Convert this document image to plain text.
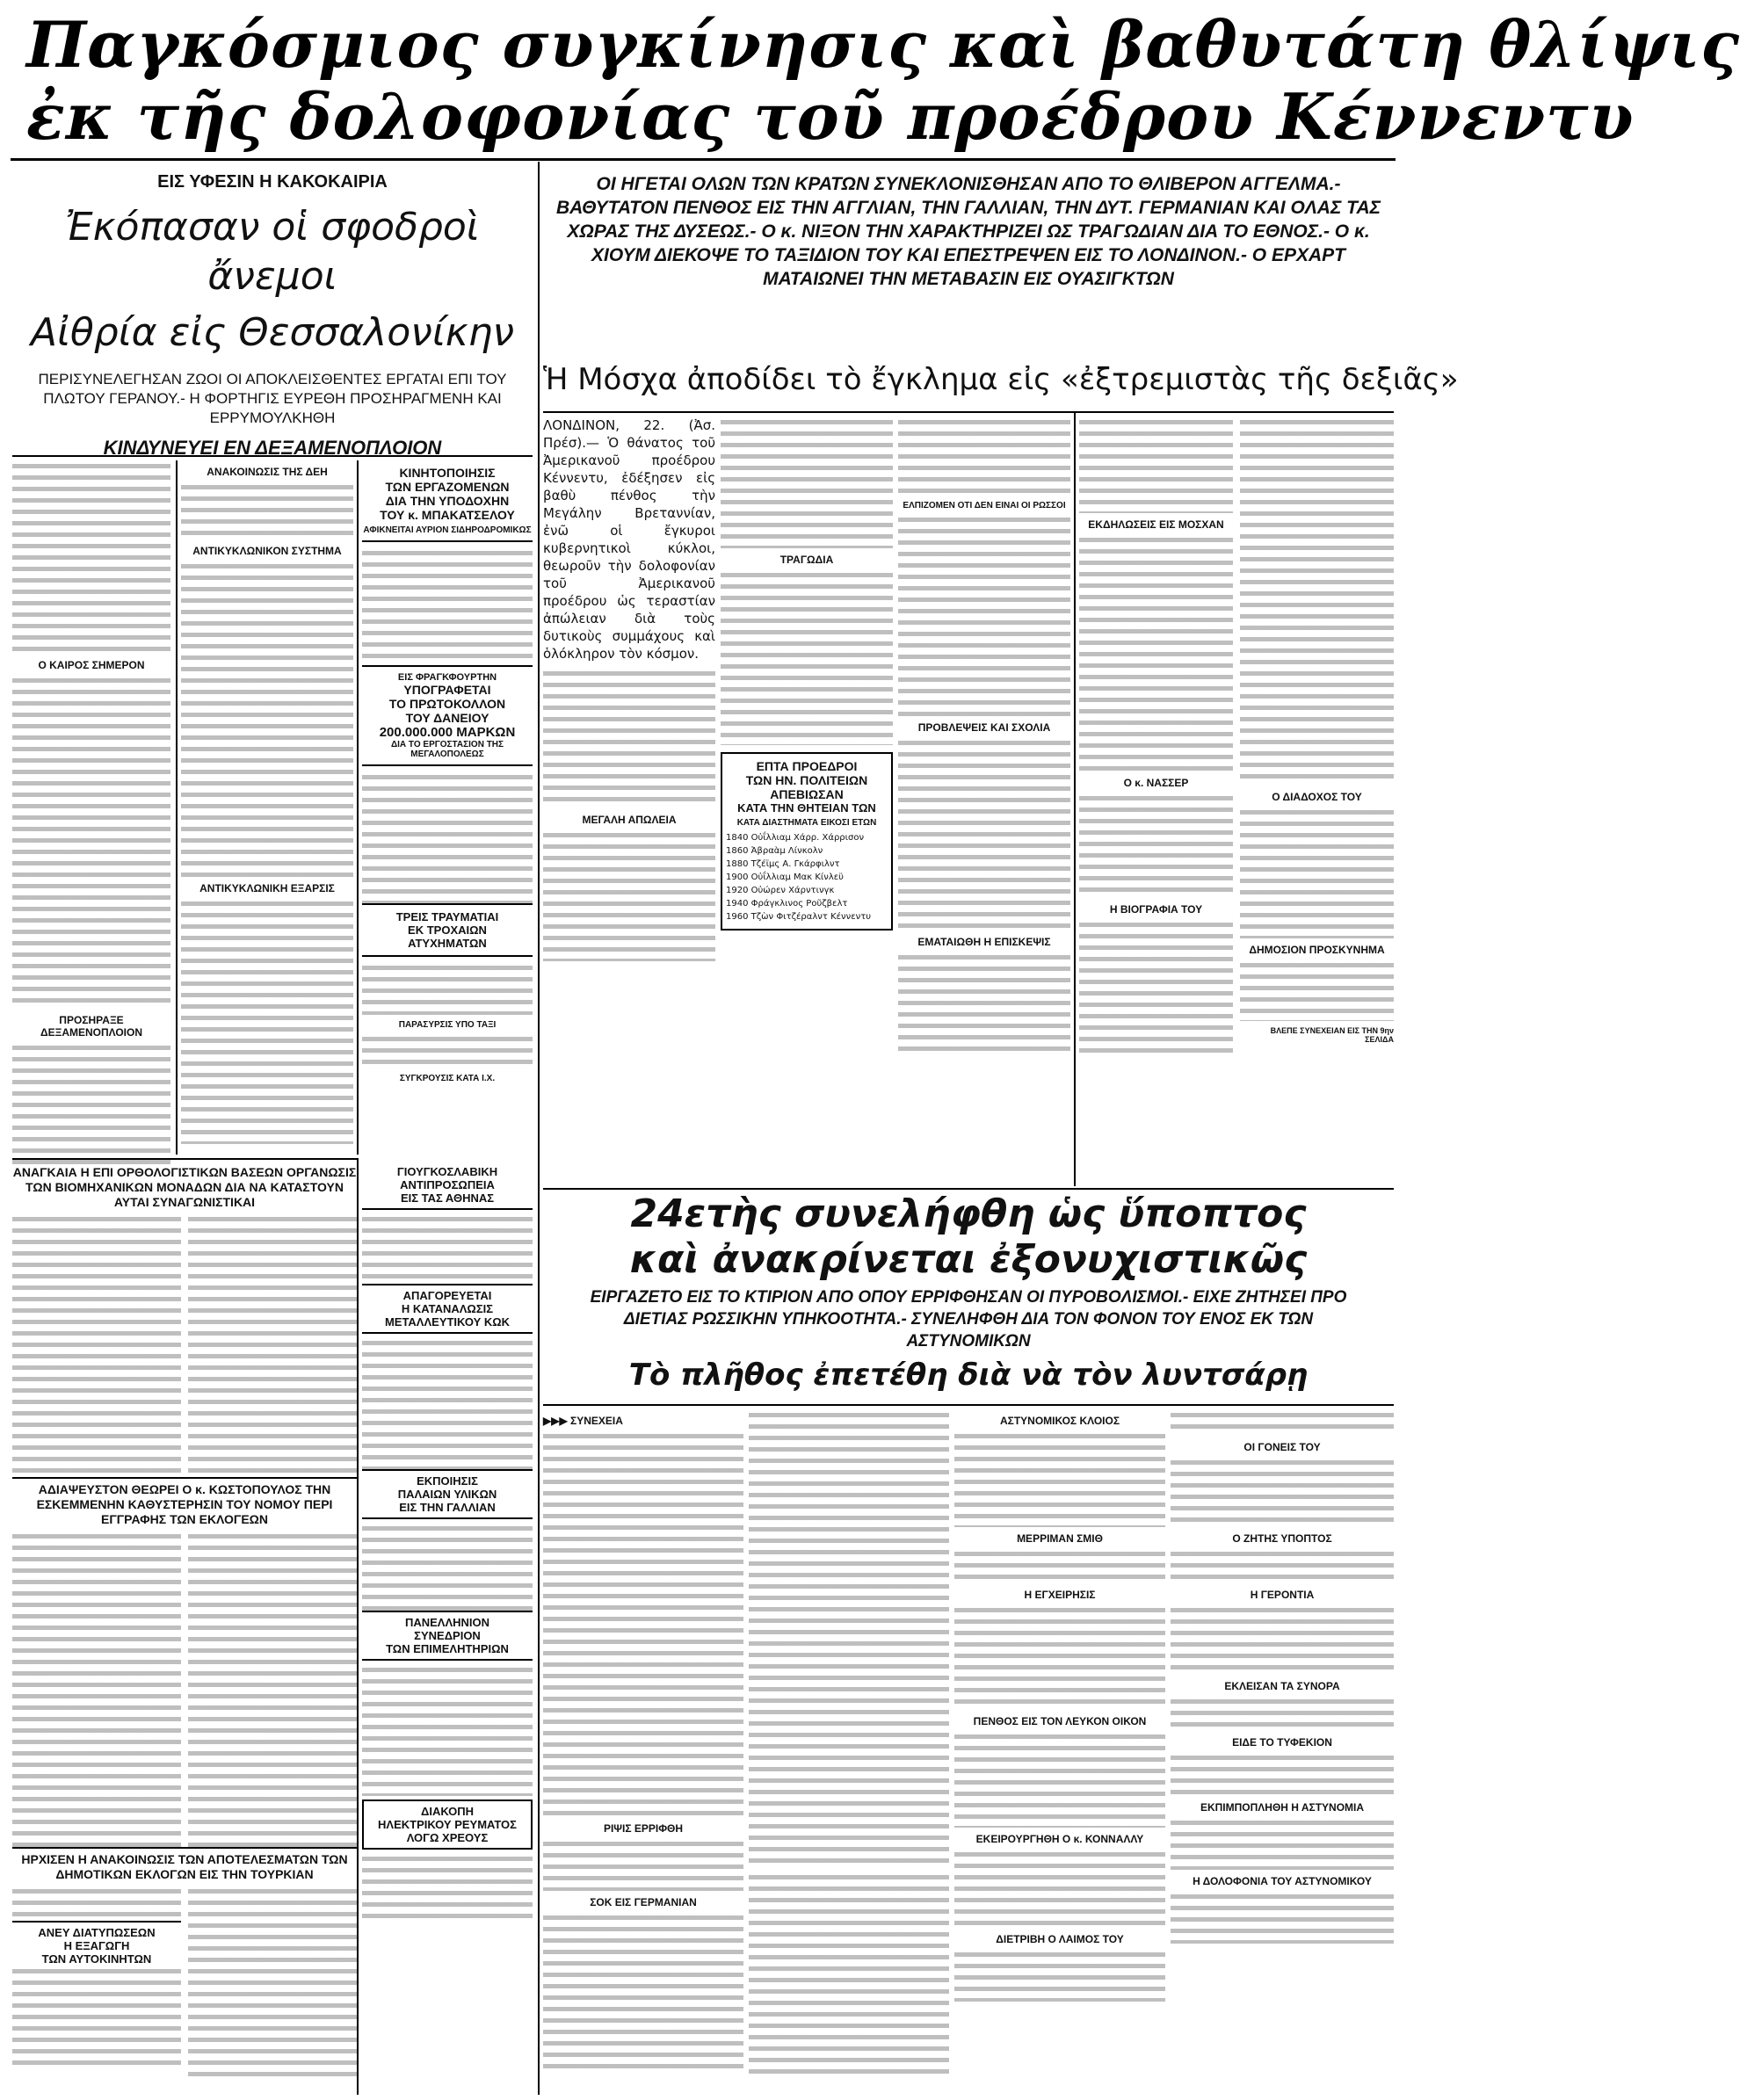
Παγκόσμιος συγκίνησις καὶ βαθυτάτη θλίψις
ἐκ τῆς δολοφονίας τοῦ προέδρου Κέννεντυ
ΕΙΣ ΥΦΕΣΙΝ Η ΚΑΚΟΚΑΙΡΙΑ
Ἐκόπασαν οἱ σφοδροὶ ἄνεμοι
Αἰθρία εἰς Θεσσαλονίκην
ΠΕΡΙΣΥΝΕΛΕΓΗΣΑΝ ΖΩΟΙ ΟΙ ΑΠΟΚΛΕΙΣΘΕΝΤΕΣ ΕΡΓΑΤΑΙ ΕΠΙ ΤΟΥ ΠΛΩΤΟΥ ΓΕΡΑΝΟΥ.- Η ΦΟΡΤΗΓΙΣ ΕΥΡΕΘΗ ΠΡΟΣΗΡΑΓΜΕΝΗ ΚΑΙ ΕΡΡΥΜΟΥΛΚΗΘΗ
ΚΙΝΔΥΝΕΥΕΙ ΕΝ ΔΕΞΑΜΕΝΟΠΛΟΙΟΝ
Ο ΚΑΙΡΟΣ ΣΗΜΕΡΟΝ
ΠΡΟΣΗΡΑΞΕ ΔΕΞΑΜΕΝΟΠΛΟΙΟΝ
ΑΝΑΚΟΙΝΩΣΙΣ ΤΗΣ ΔΕΗ
ΑΝΤΙΚΥΚΛΩΝΙΚΟΝ ΣΥΣΤΗΜΑ
ΑΝΤΙΚΥΚΛΩΝΙΚΗ ΕΞΑΡΣΙΣ
ΚΙΝΗΤΟΠΟΙΗΣΙΣ
ΤΩΝ ΕΡΓΑΖΟΜΕΝΩΝ
ΔΙΑ ΤΗΝ ΥΠΟΔΟΧΗΝ
ΤΟΥ κ. ΜΠΑΚΑΤΣΕΛΟΥ
ΑΦΙΚΝΕΙΤΑΙ ΑΥΡΙΟΝ ΣΙΔΗΡΟΔΡΟΜΙΚΩΣ
ΕΙΣ ΦΡΑΓΚΦΟΥΡΤΗΝ
ΥΠΟΓΡΑΦΕΤΑΙ
ΤΟ ΠΡΩΤΟΚΟΛΛΟΝ
ΤΟΥ ΔΑΝΕΙΟΥ
200.000.000 ΜΑΡΚΩΝ
ΔΙΑ ΤΟ ΕΡΓΟΣΤΑΣΙΟΝ ΤΗΣ ΜΕΓΑΛΟΠΟΛΕΩΣ
ΤΡΕΙΣ ΤΡΑΥΜΑΤΙΑΙ
ΕΚ ΤΡΟΧΑΙΩΝ
ΑΤΥΧΗΜΑΤΩΝ
ΠΑΡΑΣΥΡΣΙΣ ΥΠΟ ΤΑΞΙ
ΣΥΓΚΡΟΥΣΙΣ ΚΑΤΑ Ι.Χ.
ΑΝΑΓΚΑΙΑ Η ΕΠΙ ΟΡΘΟΛΟΓΙΣΤΙΚΩΝ ΒΑΣΕΩΝ ΟΡΓΑΝΩΣΙΣ ΤΩΝ ΒΙΟΜΗΧΑΝΙΚΩΝ ΜΟΝΑΔΩΝ ΔΙΑ ΝΑ ΚΑΤΑΣΤΟΥΝ ΑΥΤΑΙ ΣΥΝΑΓΩΝΙΣΤΙΚΑΙ
ΑΔΙΑΨΕΥΣΤΟΝ ΘΕΩΡΕΙ Ο κ. ΚΩΣΤΟΠΟΥΛΟΣ ΤΗΝ ΕΣΚΕΜΜΕΝΗΝ ΚΑΘΥΣΤΕΡΗΣΙΝ ΤΟΥ ΝΟΜΟΥ ΠΕΡΙ ΕΓΓΡΑΦΗΣ ΤΩΝ ΕΚΛΟΓΕΩΝ
ΗΡΧΙΣΕΝ Η ΑΝΑΚΟΙΝΩΣΙΣ ΤΩΝ ΑΠΟΤΕΛΕΣΜΑΤΩΝ ΤΩΝ ΔΗΜΟΤΙΚΩΝ ΕΚΛΟΓΩΝ ΕΙΣ ΤΗΝ ΤΟΥΡΚΙΑΝ
ΑΝΕΥ ΔΙΑΤΥΠΩΣΕΩΝ
Η ΕΞΑΓΩΓΗ
ΤΩΝ ΑΥΤΟΚΙΝΗΤΩΝ
ΓΙΟΥΓΚΟΣΛΑΒΙΚΗ
ΑΝΤΙΠΡΟΣΩΠΕΙΑ
ΕΙΣ ΤΑΣ ΑΘΗΝΑΣ
ΑΠΑΓΟΡΕΥΕΤΑΙ
Η ΚΑΤΑΝΑΛΩΣΙΣ
ΜΕΤΑΛΛΕΥΤΙΚΟΥ ΚΩΚ
ΕΚΠΟΙΗΣΙΣ
ΠΑΛΑΙΩΝ ΥΛΙΚΩΝ
ΕΙΣ ΤΗΝ ΓΑΛΛΙΑΝ
ΠΑΝΕΛΛΗΝΙΟΝ
ΣΥΝΕΔΡΙΟΝ
ΤΩΝ ΕΠΙΜΕΛΗΤΗΡΙΩΝ
ΔΙΑΚΟΠΗ
ΗΛΕΚΤΡΙΚΟΥ ΡΕΥΜΑΤΟΣ
ΛΟΓΩ ΧΡΕΟΥΣ
ΟΙ ΗΓΕΤΑΙ ΟΛΩΝ ΤΩΝ ΚΡΑΤΩΝ ΣΥΝΕΚΛΟΝΙΣΘΗΣΑΝ ΑΠΟ ΤΟ ΘΛΙΒΕΡΟΝ ΑΓΓΕΛΜΑ.- ΒΑΘΥΤΑΤΟΝ ΠΕΝΘΟΣ ΕΙΣ ΤΗΝ ΑΓΓΛΙΑΝ, ΤΗΝ ΓΑΛΛΙΑΝ, ΤΗΝ ΔΥΤ. ΓΕΡΜΑΝΙΑΝ ΚΑΙ ΟΛΑΣ ΤΑΣ ΧΩΡΑΣ ΤΗΣ ΔΥΣΕΩΣ.- Ο κ. ΝΙΞΟΝ ΤΗΝ ΧΑΡΑΚΤΗΡΙΖΕΙ ΩΣ ΤΡΑΓΩΔΙΑΝ ΔΙΑ ΤΟ ΕΘΝΟΣ.- Ο κ. ΧΙΟΥΜ ΔΙΕΚΟΨΕ ΤΟ ΤΑΞΙΔΙΟΝ ΤΟΥ ΚΑΙ ΕΠΕΣΤΡΕΨΕΝ ΕΙΣ ΤΟ ΛΟΝΔΙΝΟΝ.- Ο ΕΡΧΑΡΤ ΜΑΤΑΙΩΝΕΙ ΤΗΝ ΜΕΤΑΒΑΣΙΝ ΕΙΣ ΟΥΑΣΙΓΚΤΩΝ
Ἡ Μόσχα ἀποδίδει τὸ ἔγκλημα εἰς «ἐξτρεμιστὰς τῆς δεξιᾶς»
ΛΟΝΔΙΝΟΝ, 22. (Ἀσ. Πρέσ).— Ὁ θάνατος τοῦ Ἀμερικανοῦ προέδρου Κέννεντυ, ἐδέξησεν εἰς βαθὺ πένθος τὴν Μεγάλην Βρεταννίαν, ἐνῶ οἱ ἔγκυροι κυβερνητικοὶ κύκλοι, θεωροῦν τὴν δολοφονίαν τοῦ Ἀμερικανοῦ προέδρου ὡς τεραστίαν ἀπώλειαν διὰ τοὺς δυτικοὺς συμμάχους καὶ ὁλόκληρον τὸν κόσμον.
ΜΕΓΑΛΗ ΑΠΩΛΕΙΑ
ΤΡΑΓΩΔΙΑ
ΕΠΤΑ ΠΡΟΕΔΡΟΙ
ΤΩΝ ΗΝ. ΠΟΛΙΤΕΙΩΝ
ΑΠΕΒΙΩΣΑΝ
ΚΑΤΑ ΤΗΝ ΘΗΤΕΙΑΝ ΤΩΝ
ΚΑΤΑ ΔΙΑΣΤΗΜΑΤΑ ΕΙΚΟΣΙ ΕΤΩΝ
1840 Οὐΐλλιαμ Χάρρ. Χάρρισον
1860 Ἀβραὰμ Λίνκολν
1880 Τζέϊμς Α. Γκάρφιλντ
1900 Οὐΐλλιαμ Μακ Κίνλεϋ
1920 Οὐώρεν Χάρντινγκ
1940 Φράγκλινος Ροῦζβελτ
1960 Τζὼν Φιτζέραλντ Κέννεντυ
ΕΛΠΙΖΟΜΕΝ ΟΤΙ ΔΕΝ ΕΙΝΑΙ ΟΙ ΡΩΣΣΟΙ
ΠΡΟΒΛΕΨΕΙΣ ΚΑΙ ΣΧΟΛΙΑ
ΕΜΑΤΑΙΩΘΗ Η ΕΠΙΣΚΕΨΙΣ
ΕΚΔΗΛΩΣΕΙΣ ΕΙΣ ΜΟΣΧΑΝ
Ο κ. ΝΑΣΣΕΡ
Η ΒΙΟΓΡΑΦΙΑ ΤΟΥ
Ο ΔΙΑΔΟΧΟΣ ΤΟΥ
ΔΗΜΟΣΙΟΝ ΠΡΟΣΚΥΝΗΜΑ
ΒΛΕΠΕ ΣΥΝΕΧΕΙΑΝ ΕΙΣ ΤΗΝ 9ην ΣΕΛΙΔΑ
24ετὴς συνελήφθη ὡς ὕποπτος
καὶ ἀνακρίνεται ἐξονυχιστικῶς
ΕΙΡΓΑΖΕΤΟ ΕΙΣ ΤΟ ΚΤΙΡΙΟΝ ΑΠΟ ΟΠΟΥ ΕΡΡΙΦΘΗΣΑΝ ΟΙ ΠΥΡΟΒΟΛΙΣΜΟΙ.- ΕΙΧΕ ΖΗΤΗΣΕΙ ΠΡΟ ΔΙΕΤΙΑΣ ΡΩΣΣΙΚΗΝ ΥΠΗΚΟΟΤΗΤΑ.- ΣΥΝΕΛΗΦΘΗ ΔΙΑ ΤΟΝ ΦΟΝΟΝ ΤΟΥ ΕΝΟΣ ΕΚ ΤΩΝ ΑΣΤΥΝΟΜΙΚΩΝ
Τὸ πλῆθος ἐπετέθη διὰ νὰ τὸν λυντσάρῃ
▶▶▶ ΣΥΝΕΧΕΙΑ
ΡΙΨΙΣ ΕΡΡΙΦΘΗ
ΣΟΚ ΕΙΣ ΓΕΡΜΑΝΙΑΝ
ΑΣΤΥΝΟΜΙΚΟΣ ΚΛΟΙΟΣ
ΜΕΡΡΙΜΑΝ ΣΜΙΘ
Η ΕΓΧΕΙΡΗΣΙΣ
ΠΕΝΘΟΣ ΕΙΣ ΤΟΝ ΛΕΥΚΟΝ ΟΙΚΟΝ
ΕΚΕΙΡΟΥΡΓΗΘΗ Ο κ. ΚΟΝΝΑΛΛΥ
ΔΙΕΤΡΙΒΗ Ο ΛΑΙΜΟΣ ΤΟΥ
ΟΙ ΓΟΝΕΙΣ ΤΟΥ
Ο ΖΗΤΗΣ ΥΠΟΠΤΟΣ
Η ΓΕΡΟΝΤΙΑ
ΕΚΛΕΙΣΑΝ ΤΑ ΣΥΝΟΡΑ
ΕΙΔΕ ΤΟ ΤΥΦΕΚΙΟΝ
ΕΚΠΙΜΠΟΠΛΗΘΗ Η ΑΣΤΥΝΟΜΙΑ
Η ΔΟΛΟΦΟΝΙΑ ΤΟΥ ΑΣΤΥΝΟΜΙΚΟΥ
